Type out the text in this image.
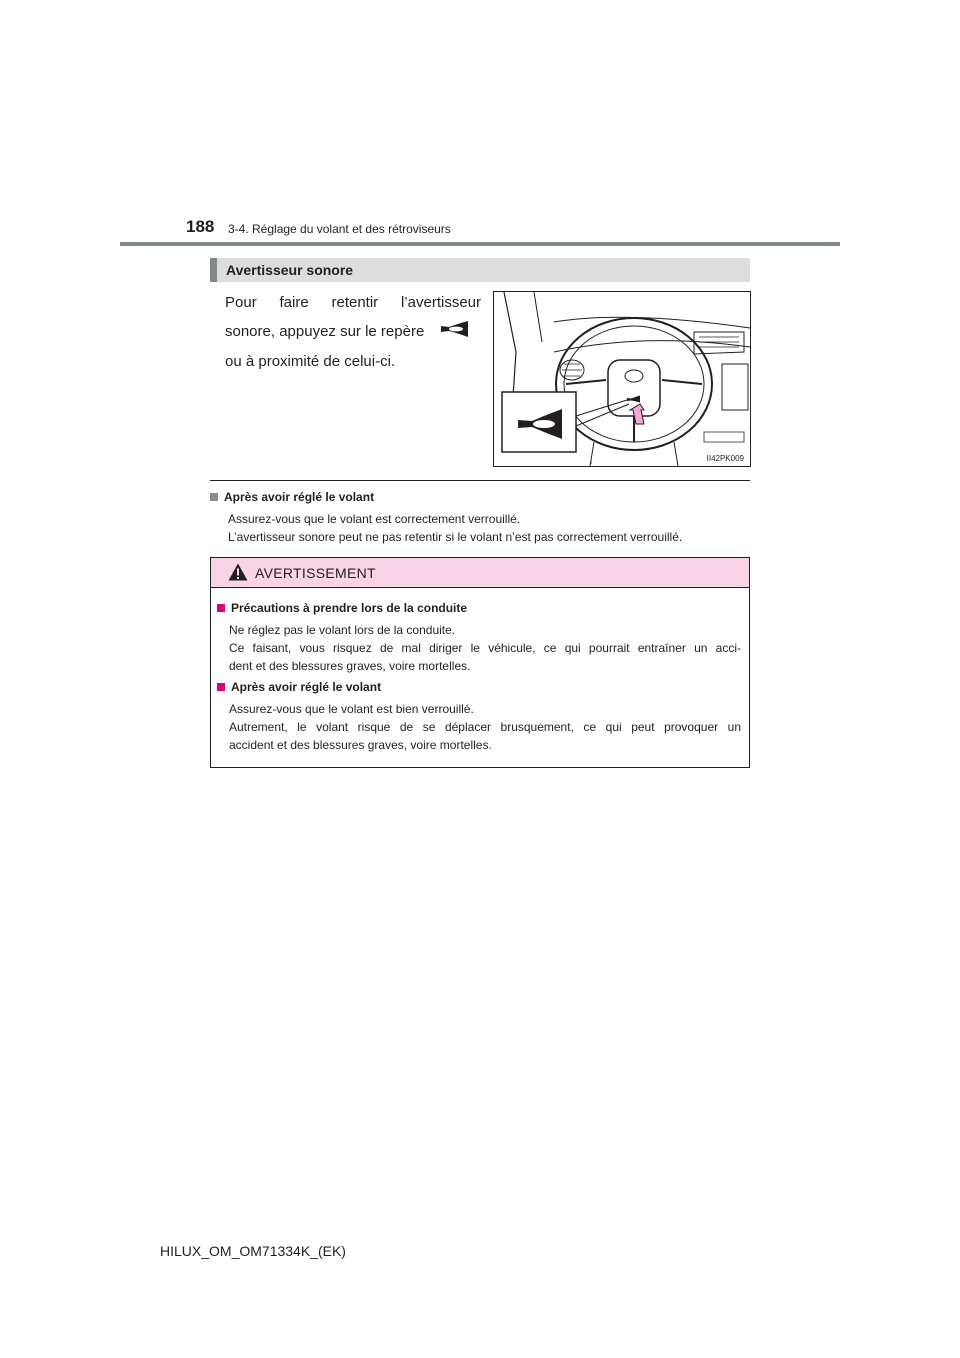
188 3-4. Réglage du volant et des rétroviseurs
Avertisseur sonore
Pour faire retentir l’avertisseur
sonore, appuyez sur le repère
ou à proximité de celui-ci.
II42PK009
Après avoir réglé le volant
Assurez-vous que le volant est correctement verrouillé.
L’avertisseur sonore peut ne pas retentir si le volant n’est pas correctement verrouillé.
AVERTISSEMENT
Précautions à prendre lors de la conduite
Ne réglez pas le volant lors de la conduite.
Ce faisant, vous risquez de mal diriger le véhicule, ce qui pourrait entraîner un acci-
dent et des blessures graves, voire mortelles.
Après avoir réglé le volant
Assurez-vous que le volant est bien verrouillé.
Autrement, le volant risque de se déplacer brusquement, ce qui peut provoquer un
accident et des blessures graves, voire mortelles.
HILUX_OM_OM71334K_(EK)
